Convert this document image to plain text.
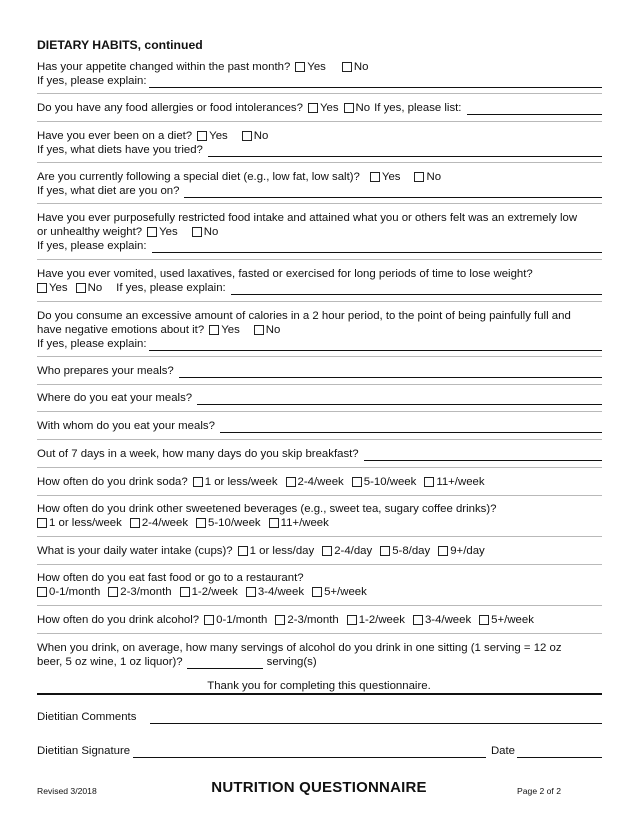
DIETARY HABITS, continued
Has your appetite changed within the past month?	Yes	No
If yes, please explain:
Do you have any food allergies or food intolerances?	Yes	No If yes, please list:
Have you ever been on a diet?	Yes	No
If yes, what diets have you tried?
Are you currently following a special diet (e.g., low fat, low salt)?	Yes	No
If yes, what diet are you on?
Have you ever purposefully restricted food intake and attained what you or others felt was an extremely low
or unhealthy weight?	Yes	No
If yes, please explain:
Have you ever vomited, used laxatives, fasted or exercised for long periods of time to lose weight?
Yes	No If yes, please explain:
Do you consume an excessive amount of calories in a 2 hour period, to the point of being painfully full and
have negative emotions about it?	Yes	No
If yes, please explain:
Who prepares your meals?
Where do you eat your meals?
With whom do you eat your meals?
Out of 7 days in a week, how many days do you skip breakfast?
How often do you drink soda?	1 or less/week	2-4/week	5-10/week	11+/week
How often do you drink other sweetened beverages (e.g., sweet tea, sugary coffee drinks)?
1 or less/week	2-4/week	5-10/week	11+/week
What is your daily water intake (cups)?	1 or less/day	2-4/day	5-8/day	9+/day
How often do you eat fast food or go to a restaurant?
0-1/month	2-3/month	1-2/week	3-4/week	5+/week
How often do you drink alcohol?	0-1/month	2-3/month	1-2/week	3-4/week	5+/week
When you drink, on average, how many servings of alcohol do you drink in one sitting (1 serving = 12 oz
beer, 5 oz wine, 1 oz liquor)?	serving(s)
Thank you for completing this questionnaire.
Dietitian Comments
Dietitian Signature	Date
Revised 3/2018	NUTRITION QUESTIONNAIRE	Page 2 of 2
